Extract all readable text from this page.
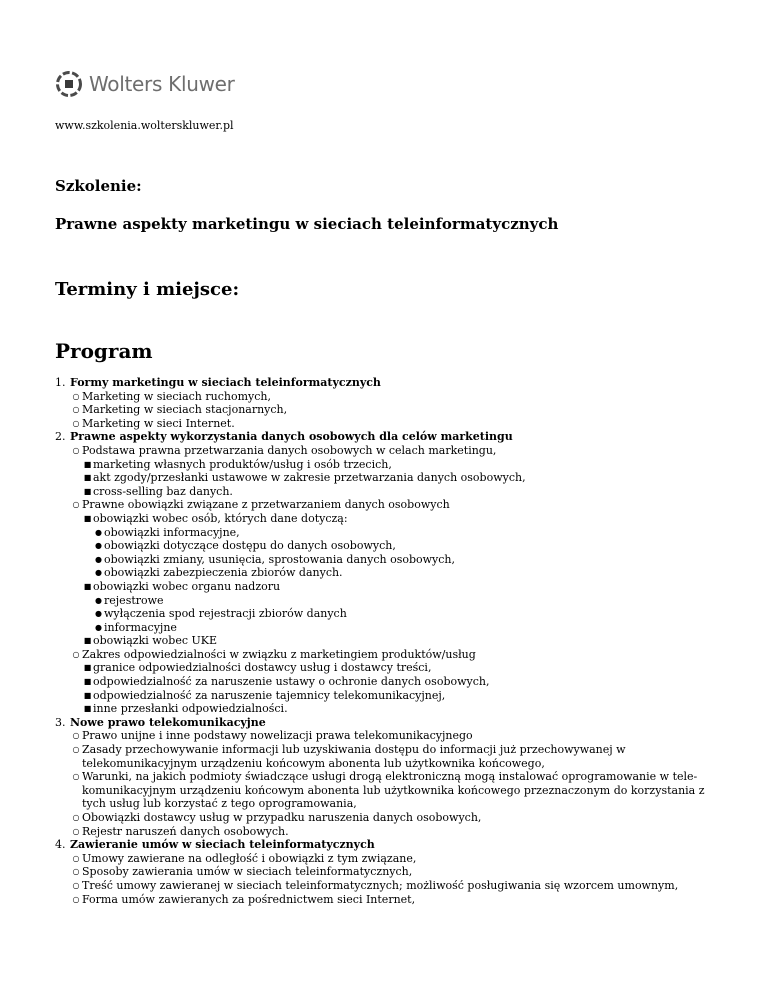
Wolters Kluwer
www.szkolenia.wolterskluwer.pl
Szkolenie:
Prawne aspekty marketingu w sieciach teleinformatycznych
Terminy i miejsce:
Program
1. Formy marketingu w sieciach teleinformatycznych
○ Marketing w sieciach ruchomych,
○ Marketing w sieciach stacjonarnych,
○ Marketing w sieci Internet.
2. Prawne aspekty wykorzystania danych osobowych dla celów marketingu
○ Podstawa prawna przetwarzania danych osobowych w celach marketingu,
■ marketing własnych produktów/usług i osób trzecich,
■ akt zgody/przesłanki ustawowe w zakresie przetwarzania danych osobowych,
■ cross-selling baz danych.
○ Prawne obowiązki związane z przetwarzaniem danych osobowych
■ obowiązki wobec osób, których dane dotyczą:
● obowiązki informacyjne,
● obowiązki dotyczące dostępu do danych osobowych,
● obowiązki zmiany, usunięcia, sprostowania danych osobowych,
● obowiązki zabezpieczenia zbiorów danych.
■ obowiązki wobec organu nadzoru
● rejestrowe
● wyłączenia spod rejestracji zbiorów danych
● informacyjne
■ obowiązki wobec UKE
○ Zakres odpowiedzialności w związku z marketingiem produktów/usług
■ granice odpowiedzialności dostawcy usług i dostawcy treści,
■ odpowiedzialność za naruszenie ustawy o ochronie danych osobowych,
■ odpowiedzialność za naruszenie tajemnicy telekomunikacyjnej,
■ inne przesłanki odpowiedzialności.
3. Nowe prawo telekomunikacyjne
○ Prawo unijne i inne podstawy nowelizacji prawa telekomunikacyjnego
○ Zasady przechowywanie informacji lub uzyskiwania dostępu do informacji już przechowywanej w telekomunikacyjnym urządzeniu końcowym abonenta lub użytkownika końcowego,
○ Warunki, na jakich podmioty świadczące usługi drogą elektroniczną mogą instalować oprogramowanie w tele- komunikacyjnym urządzeniu końcowym abonenta lub użytkownika końcowego przeznaczonym do korzystania z tych usług lub korzystać z tego oprogramowania,
○ Obowiązki dostawcy usług w przypadku naruszenia danych osobowych,
○ Rejestr naruszeń danych osobowych.
4. Zawieranie umów w sieciach teleinformatycznych
○ Umowy zawierane na odległość i obowiązki z tym związane,
○ Sposoby zawierania umów w sieciach teleinformatycznych,
○ Treść umowy zawieranej w sieciach teleinformatycznych; możliwość posługiwania się wzorcem umownym,
○ Forma umów zawieranych za pośrednictwem sieci Internet,
